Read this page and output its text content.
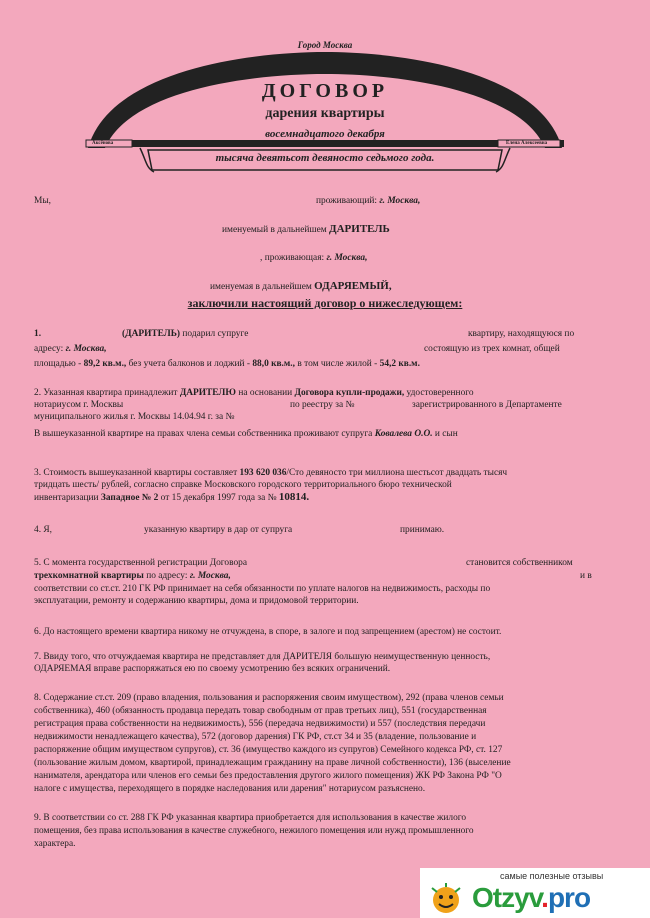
Город Москва
ДОГОВОР
дарения квартиры
восемнадцатого декабря
тысяча девятьсот девяносто седьмого года.
Аксёнова	Елена Алексеевна
Мы,	проживающий: г. Москва,
именуемый в дальнейшем ДАРИТЕЛЬ
, проживающая: г. Москва,
именуемая в дальнейшем ОДАРЯЕМЫЙ,
заключили настоящий договор о нижеследующем:
1.	(ДАРИТЕЛЬ) подарил супруге	квартиру, находящуюся по
адресу: г. Москва,	состоящую из трех комнат, общей
площадью - 89,2 кв.м., без учета балконов и лоджий - 88,0 кв.м., в том числе жилой - 54,2 кв.м.
2. Указанная квартира принадлежит ДАРИТЕЛЮ на основании Договора купли-продажи, удостоверенного
нотариусом г. Москвы	по реестру за №	зарегистрированного в Департаменте
муниципального жилья г. Москвы 14.04.94 г. за №
В вышеуказанной квартире на правах члена семьи собственника проживают супруга Ковалева О.О. и сын
3. Стоимость вышеуказанной квартиры составляет 193 620 036/Сто девяносто три миллиона шестьсот двадцать тысяч
тридцать шесть/ рублей, согласно справке Московского городского территориального бюро технической
инвентаризации Западное № 2 от 15 декабря 1997 года за № 10814.
4. Я,	указанную квартиру в дар от супруга	принимаю.
5. С момента государственной регистрации Договора	становится собственником
трехкомнатной квартиры по адресу: г. Москва,	и в
соответствии со ст.ст. 210 ГК РФ принимает на себя обязанности по уплате налогов на недвижимость, расходы по
эксплуатации, ремонту и содержанию квартиры, дома и придомовой территории.
6. До настоящего времени квартира никому не отчуждена, в споре, в залоге и под запрещением (арестом) не состоит.
7. Ввиду того, что отчуждаемая квартира не представляет для ДАРИТЕЛЯ большую неимущественную ценность,
ОДАРЯЕМАЯ вправе распоряжаться ею по своему усмотрению без всяких ограничений.
8. Содержание ст.ст. 209 (право владения, пользования и распоряжения своим имуществом), 292 (права членов семьи
собственника), 460 (обязанность продавца передать товар свободным от прав третьих лиц), 551 (государственная
регистрация права собственности на недвижимость), 556 (передача недвижимости) и 557 (последствия передачи
недвижимости ненадлежащего качества), 572 (договор дарения) ГК РФ, ст.ст 34 и 35 (владение, пользование и
распоряжение общим имуществом супругов), ст. 36 (имущество каждого из супругов) Семейного кодекса РФ, ст. 127
(пользование жилым домом, квартирой, принадлежащим гражданину на праве личной собственности), 136 (выселение
нанимателя, арендатора или членов его семьи без предоставления другого жилого помещения) ЖК РФ Закона РФ "О
налоге с имущества, переходящего в порядке наследования или дарения" нотариусом разъяснено.
9. В соответствии со ст. 288 ГК РФ указанная квартира приобретается для использования в качестве жилого
помещения, без права использования в качестве служебного, нежилого помещения или нужд промышленного
характера.
самые полезные отзывы
Otzyv.pro
